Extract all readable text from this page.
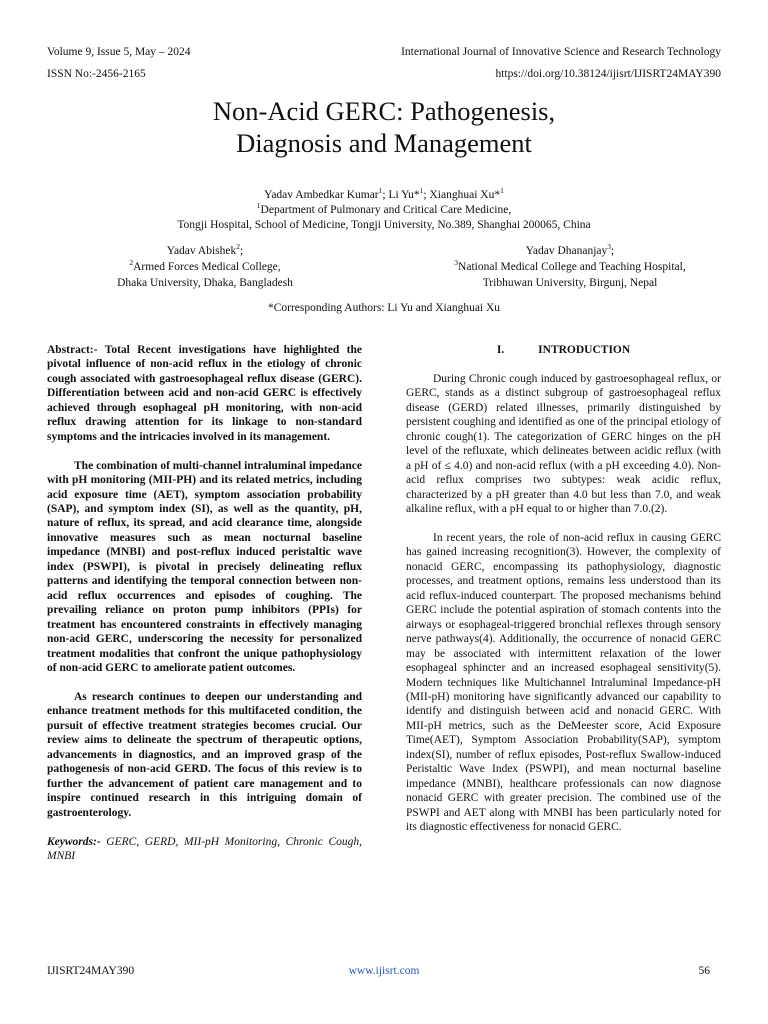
Volume 9, Issue 5, May – 2024
ISSN No:-2456-2165
International Journal of Innovative Science and Research Technology
https://doi.org/10.38124/ijisrt/IJISRT24MAY390
Non-Acid GERC: Pathogenesis,
Diagnosis and Management
Yadav Ambedkar Kumar$^1$; Li Yu*$^1$; Xianghuai Xu*$^1$
$^1$Department of Pulmonary and Critical Care Medicine,
Tongji Hospital, School of Medicine, Tongji University, No.389, Shanghai 200065, China
Yadav Abishek$^2$;
$^2$Armed Forces Medical College,
Dhaka University, Dhaka, Bangladesh
Yadav Dhananjay$^3$;
$^3$National Medical College and Teaching Hospital,
Tribhuwan University, Birgunj, Nepal
*Corresponding Authors: Li Yu and Xianghuai Xu

Abstract:- Total Recent investigations have highlighted the pivotal influence of non-acid reflux in the etiology of chronic cough associated with gastroesophageal reflux disease (GERC). Differentiation between acid and non-acid GERC is effectively achieved through esophageal pH monitoring, with non-acid reflux drawing attention for its linkage to non-standard symptoms and the intricacies involved in its management.

The combination of multi-channel intraluminal impedance with pH monitoring (MII-PH) and its related metrics, including acid exposure time (AET), symptom association probability (SAP), and symptom index (SI), as well as the quantity, pH, nature of reflux, its spread, and acid clearance time, alongside innovative measures such as mean nocturnal baseline impedance (MNBI) and post-reflux induced peristaltic wave index (PSWPI), is pivotal in precisely delineating reflux patterns and identifying the temporal connection between non-acid reflux occurrences and episodes of coughing. The prevailing reliance on proton pump inhibitors (PPIs) for treatment has encountered constraints in effectively managing non-acid GERC, underscoring the necessity for personalized treatment modalities that confront the unique pathophysiology of non-acid GERC to ameliorate patient outcomes.

As research continues to deepen our understanding and enhance treatment methods for this multifaceted condition, the pursuit of effective treatment strategies becomes crucial. Our review aims to delineate the spectrum of therapeutic options, advancements in diagnostics, and an improved grasp of the pathogenesis of non-acid GERD. The focus of this review is to further the advancement of patient care management and to inspire continued research in this intriguing domain of gastroenterology.

Keywords:- GERC, GERD, MII-pH Monitoring, Chronic Cough, MNBI

I.	INTRODUCTION

During Chronic cough induced by gastroesophageal reflux, or GERC, stands as a distinct subgroup of gastroesophageal reflux disease (GERD) related illnesses, primarily distinguished by persistent coughing and identified as one of the principal etiology of chronic cough(1). The categorization of GERC hinges on the pH level of the refluxate, which delineates between acidic reflux (with a pH of ≤ 4.0) and non-acid reflux (with a pH exceeding 4.0). Non-acid reflux comprises two subtypes: weak acidic reflux, characterized by a pH greater than 4.0 but less than 7.0, and weak alkaline reflux, with a pH equal to or higher than 7.0.(2).

In recent years, the role of non-acid reflux in causing GERC has gained increasing recognition(3). However, the complexity of nonacid GERC, encompassing its pathophysiology, diagnostic processes, and treatment options, remains less understood than its acid reflux-induced counterpart. The proposed mechanisms behind GERC include the potential aspiration of stomach contents into the airways or esophageal-triggered bronchial reflexes through sensory nerve pathways(4). Additionally, the occurrence of nonacid GERC may be associated with intermittent relaxation of the lower esophageal sphincter and an increased esophageal sensitivity(5). Modern techniques like Multichannel Intraluminal Impedance-pH (MII-pH) monitoring have significantly advanced our capability to identify and distinguish between acid and nonacid GERC. With MII-pH metrics, such as the DeMeester score, Acid Exposure Time(AET), Symptom Association Probability(SAP), symptom index(SI), number of reflux episodes, Post-reflux Swallow-induced Peristaltic Wave Index (PSWPI), and mean nocturnal baseline impedance (MNBI), healthcare professionals can now diagnose nonacid GERC with greater precision. The combined use of the PSWPI and AET along with MNBI has been particularly noted for its diagnostic effectiveness for nonacid GERC.

IJISRT24MAY390	www.ijisrt.com	56
